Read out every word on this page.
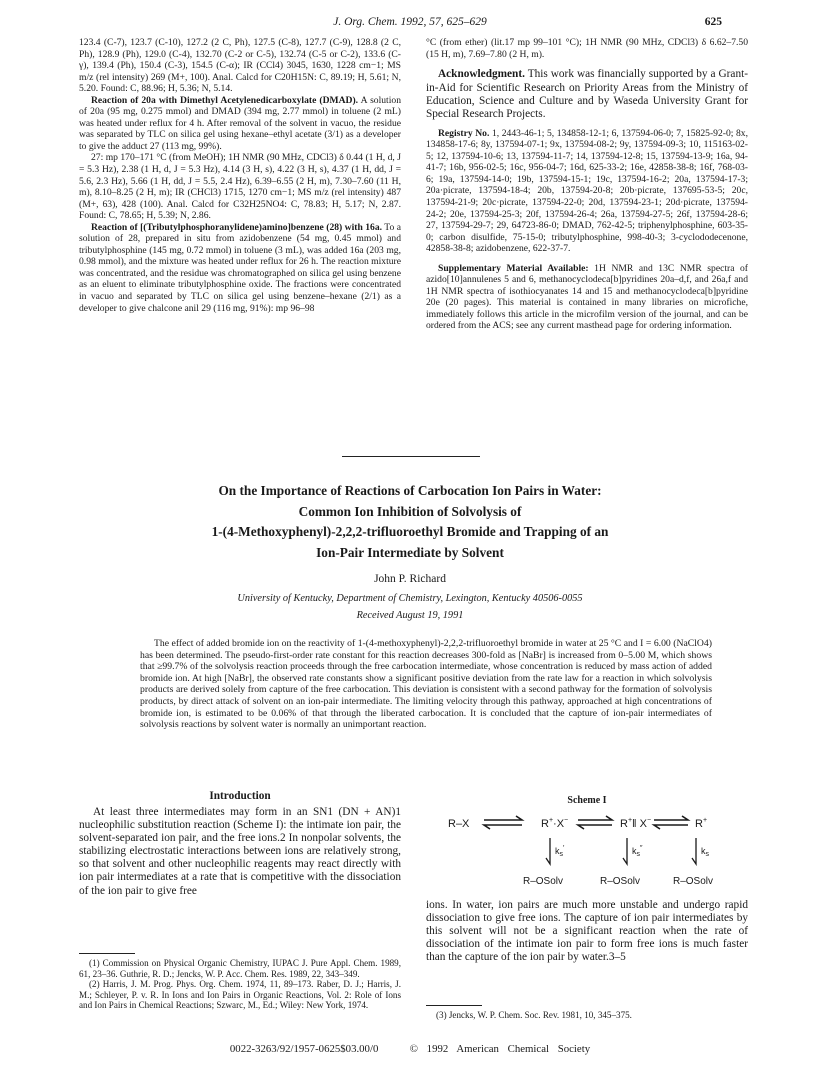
J. Org. Chem. 1992, 57, 625–629	625

123.4 (C-7), 123.7 (C-10), 127.2 (2 C, Ph), 127.5 (C-8), 127.7 (C-9), 128.8 (2 C, Ph), 128.9 (Ph), 129.0 (C-4), 132.70 (C-2 or C-5), 132.74 (C-5 or C-2), 133.6 (C-γ), 139.4 (Ph), 150.4 (C-3), 154.5 (C-α); IR (CCl4) 3045, 1630, 1228 cm−1; MS m/z (rel intensity) 269 (M+, 100). Anal. Calcd for C20H15N: C, 89.19; H, 5.61; N, 5.20. Found: C, 88.96; H, 5.36; N, 5.14.

Reaction of 20a with Dimethyl Acetylenedicarboxylate (DMAD). A solution of 20a (95 mg, 0.275 mmol) and DMAD (394 mg, 2.77 mmol) in toluene (2 mL) was heated under reflux for 4 h. After removal of the solvent in vacuo, the residue was separated by TLC on silica gel using hexane–ethyl acetate (3/1) as a developer to give the adduct 27 (113 mg, 99%).

27: mp 170–171 °C (from MeOH); 1H NMR (90 MHz, CDCl3) δ 0.44 (1 H, d, J = 5.3 Hz), 2.38 (1 H, d, J = 5.3 Hz), 4.14 (3 H, s), 4.22 (3 H, s), 4.37 (1 H, dd, J = 5.6, 2.3 Hz), 5.66 (1 H, dd, J = 5.5, 2.4 Hz), 6.39–6.55 (2 H, m), 7.30–7.60 (11 H, m), 8.10–8.25 (2 H, m); IR (CHCl3) 1715, 1270 cm−1; MS m/z (rel intensity) 487 (M+, 63), 428 (100). Anal. Calcd for C32H25NO4: C, 78.83; H, 5.17; N, 2.87. Found: C, 78.65; H, 5.39; N, 2.86.

Reaction of [(Tributylphosphoranylidene)amino]benzene (28) with 16a. To a solution of 28, prepared in situ from azidobenzene (54 mg, 0.45 mmol) and tributylphosphine (145 mg, 0.72 mmol) in toluene (3 mL), was added 16a (203 mg, 0.98 mmol), and the mixture was heated under reflux for 26 h. The reaction mixture was concentrated, and the residue was chromatographed on silica gel using benzene as an eluent to eliminate tributylphosphine oxide. The fractions were concentrated in vacuo and separated by TLC on silica gel using benzene–hexane (2/1) as a developer to give chalcone anil 29 (116 mg, 91%): mp 96–98

°C (from ether) (lit.17 mp 99–101 °C); 1H NMR (90 MHz, CDCl3) δ 6.62–7.50 (15 H, m), 7.69–7.80 (2 H, m).

Acknowledgment. This work was financially supported by a Grant-in-Aid for Scientific Research on Priority Areas from the Ministry of Education, Science and Culture and by Waseda University Grant for Special Research Projects.

Registry No. 1, 2443-46-1; 5, 134858-12-1; 6, 137594-06-0; 7, 15825-92-0; 8x, 134858-17-6; 8y, 137594-07-1; 9x, 137594-08-2; 9y, 137594-09-3; 10, 115163-02-5; 12, 137594-10-6; 13, 137594-11-7; 14, 137594-12-8; 15, 137594-13-9; 16a, 94-41-7; 16b, 956-02-5; 16c, 956-04-7; 16d, 625-33-2; 16e, 42858-38-8; 16f, 768-03-6; 19a, 137594-14-0; 19b, 137594-15-1; 19c, 137594-16-2; 20a, 137594-17-3; 20a·picrate, 137594-18-4; 20b, 137594-20-8; 20b·picrate, 137695-53-5; 20c, 137594-21-9; 20c·picrate, 137594-22-0; 20d, 137594-23-1; 20d·picrate, 137594-24-2; 20e, 137594-25-3; 20f, 137594-26-4; 26a, 137594-27-5; 26f, 137594-28-6; 27, 137594-29-7; 29, 64723-86-0; DMAD, 762-42-5; triphenylphosphine, 603-35-0; carbon disulfide, 75-15-0; tributylphosphine, 998-40-3; 3-cyclododecenone, 42858-38-8; azidobenzene, 622-37-7.

Supplementary Material Available: 1H NMR and 13C NMR spectra of azido[10]annulenes 5 and 6, methanocyclodeca[b]pyridines 20a–d,f, and 26a,f and 1H NMR spectra of isothiocyanates 14 and 15 and methanocyclodeca[b]pyridine 20e (20 pages). This material is contained in many libraries on microfiche, immediately follows this article in the microfilm version of the journal, and can be ordered from the ACS; see any current masthead page for ordering information.

On the Importance of Reactions of Carbocation Ion Pairs in Water:
Common Ion Inhibition of Solvolysis of
1-(4-Methoxyphenyl)-2,2,2-trifluoroethyl Bromide and Trapping of an
Ion-Pair Intermediate by Solvent
John P. Richard
University of Kentucky, Department of Chemistry, Lexington, Kentucky 40506-0055
Received August 19, 1991
The effect of added bromide ion on the reactivity of 1-(4-methoxyphenyl)-2,2,2-trifluoroethyl bromide in water at 25 °C and I = 6.00 (NaClO4) has been determined. The pseudo-first-order rate constant for this reaction decreases 300-fold as [NaBr] is increased from 0–5.00 M, which shows that ≥99.7% of the solvolysis reaction proceeds through the free carbocation intermediate, whose concentration is reduced by mass action of added bromide ion. At high [NaBr], the observed rate constants show a significant positive deviation from the rate law for a reaction in which solvolysis products are derived solely from capture of the free carbocation. This deviation is consistent with a second pathway for the formation of solvolysis products, by direct attack of solvent on an ion-pair intermediate. The limiting velocity through this pathway, approached at high concentrations of bromide ion, is estimated to be 0.06% of that through the liberated carbocation. It is concluded that the capture of ion-pair intermediates of solvolysis reactions by solvent water is normally an unimportant reaction.
Introduction
At least three intermediates may form in an SN1 (DN + AN)1 nucleophilic substitution reaction (Scheme I): the intimate ion pair, the solvent-separated ion pair, and the free ions.2 In nonpolar solvents, the stabilizing electrostatic interactions between ions are relatively strong, so that solvent and other nucleophilic reagents may react directly with ion pair intermediates at a rate that is competitive with the dissociation of the ion pair to give free

(1) Commission on Physical Organic Chemistry, IUPAC J. Pure Appl. Chem. 1989, 61, 23–36. Guthrie, R. D.; Jencks, W. P. Acc. Chem. Res. 1989, 22, 343–349.

(2) Harris, J. M. Prog. Phys. Org. Chem. 1974, 11, 89–173. Raber, D. J.; Harris, J. M.; Schleyer, P. v. R. In Ions and Ion Pairs in Organic Reactions, Vol. 2: Role of Ions and Ion Pairs in Chemical Reactions; Szwarc, M., Ed.; Wiley: New York, 1974.

Scheme I
R–X	R+·X−	R+‖ X−	R+
$k_s'$	$k_s''$	$k_s$
R–OSolv	R–OSolv	R–OSolv
ions. In water, ion pairs are much more unstable and undergo rapid dissociation to give free ions. The capture of ion pair intermediates by this solvent will not be a significant reaction when the rate of dissociation of the intimate ion pair to form free ions is much faster than the capture of the ion pair by water.3–5

(3) Jencks, W. P. Chem. Soc. Rev. 1981, 10, 345–375.

0022-3263/92/1957-0625$03.00/0	© 1992 American Chemical Society
